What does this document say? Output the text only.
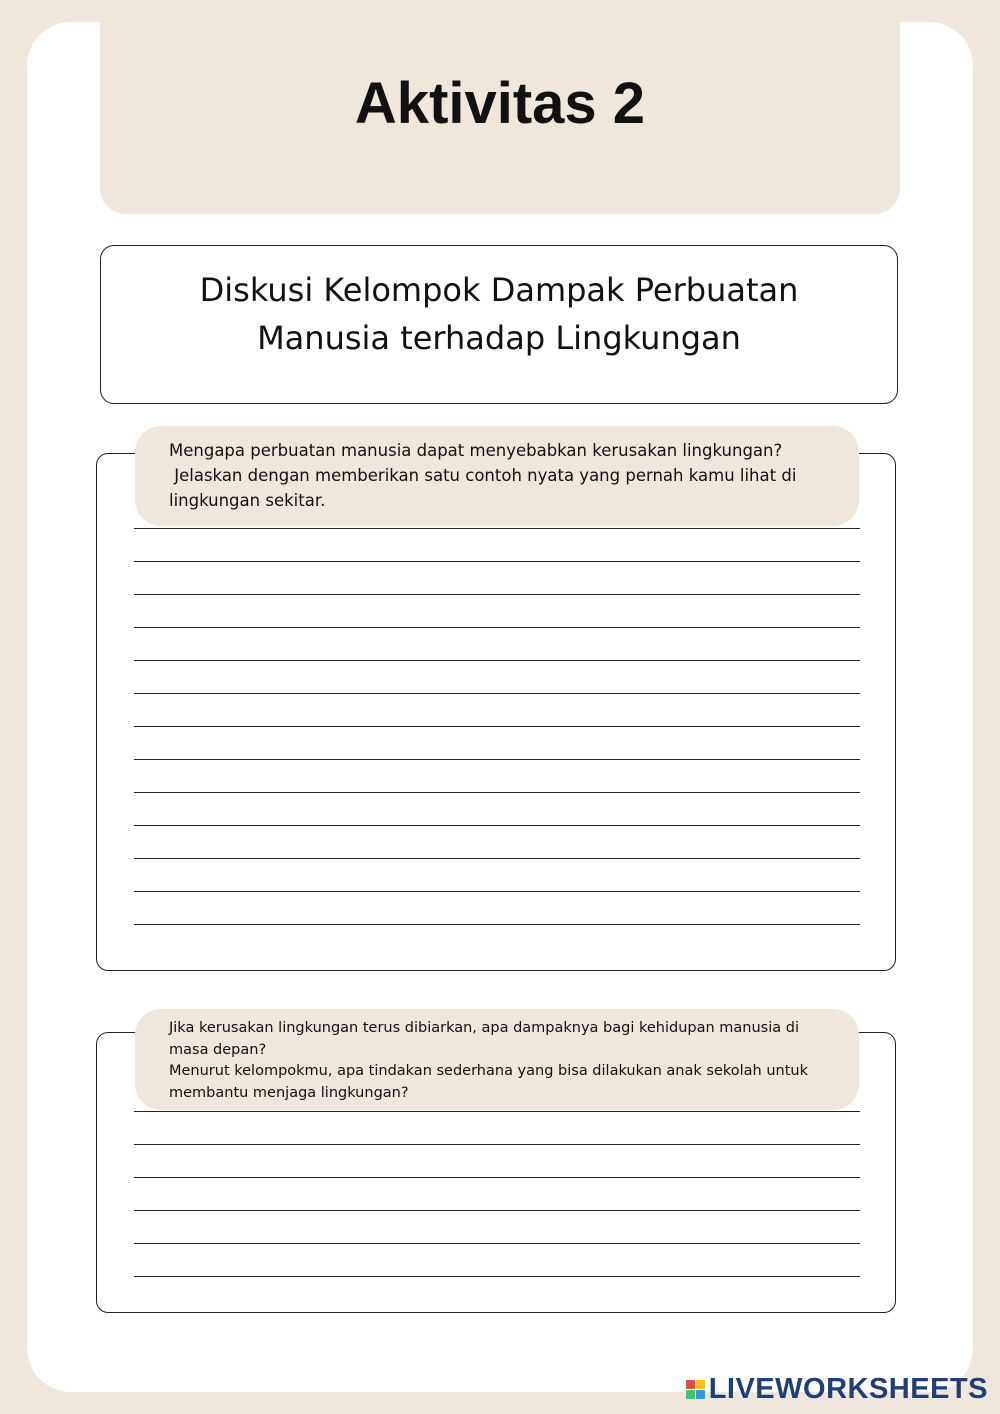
Aktivitas 2

Diskusi Kelompok Dampak Perbuatan
Manusia terhadap Lingkungan

Mengapa perbuatan manusia dapat menyebabkan kerusakan lingkungan?
Jelaskan dengan memberikan satu contoh nyata yang pernah kamu lihat di
lingkungan sekitar.
Jika kerusakan lingkungan terus dibiarkan, apa dampaknya bagi kehidupan manusia di
masa depan?
Menurut kelompokmu, apa tindakan sederhana yang bisa dilakukan anak sekolah untuk
membantu menjaga lingkungan?
LIVEWORKSHEETS
